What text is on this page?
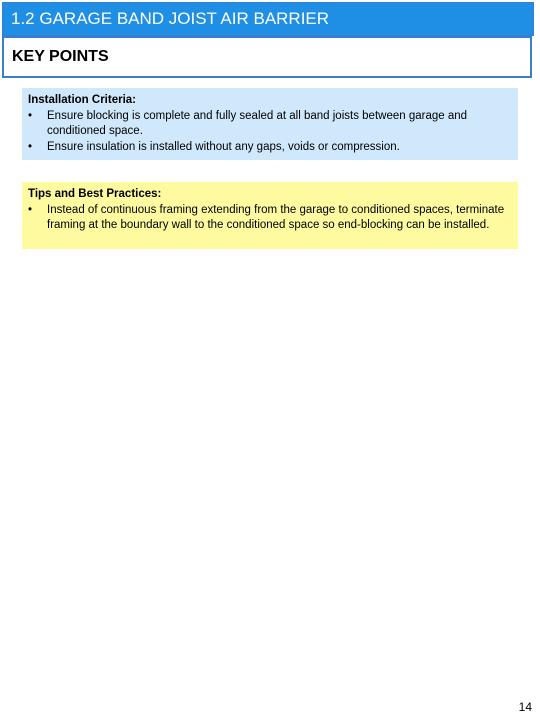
1.2 GARAGE BAND JOIST AIR BARRIER
KEY POINTS
Installation Criteria:
•	Ensure blocking is complete and fully sealed at all band joists between garage and conditioned space.
•	Ensure insulation is installed without any gaps, voids or compression.
Tips and Best Practices:
•	Instead of continuous framing extending from the garage to conditioned spaces, terminate framing at the boundary wall to the conditioned space so end-blocking can be installed.
14
